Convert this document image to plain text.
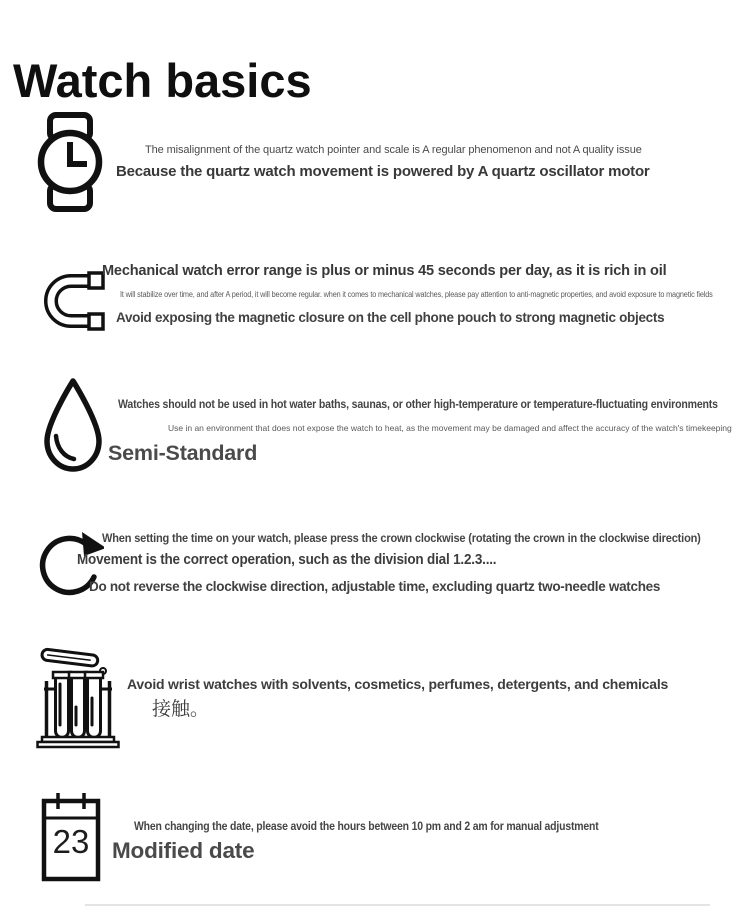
Watch basics
The misalignment of the quartz watch pointer and scale is A regular phenomenon and not A quality issue
Because the quartz watch movement is powered by A quartz oscillator motor
Mechanical watch error range is plus or minus 45 seconds per day, as it is rich in oil
It will stabilize over time, and after A period, it will become regular. when it comes to mechanical watches, please pay attention to anti-magnetic properties, and avoid exposure to magnetic fields
Avoid exposing the magnetic closure on the cell phone pouch to strong magnetic objects
Watches should not be used in hot water baths, saunas, or other high-temperature or temperature-fluctuating environments
Use in an environment that does not expose the watch to heat, as the movement may be damaged and affect the accuracy of the watch's timekeeping
Semi-Standard
When setting the time on your watch, please press the crown clockwise (rotating the crown in the clockwise direction)
Movement is the correct operation, such as the division dial 1.2.3....
Do not reverse the clockwise direction, adjustable time, excluding quartz two-needle watches
Avoid wrist watches with solvents, cosmetics, perfumes, detergents, and chemicals
接触。
23	When changing the date, please avoid the hours between 10 pm and 2 am for manual adjustment
Modified date
